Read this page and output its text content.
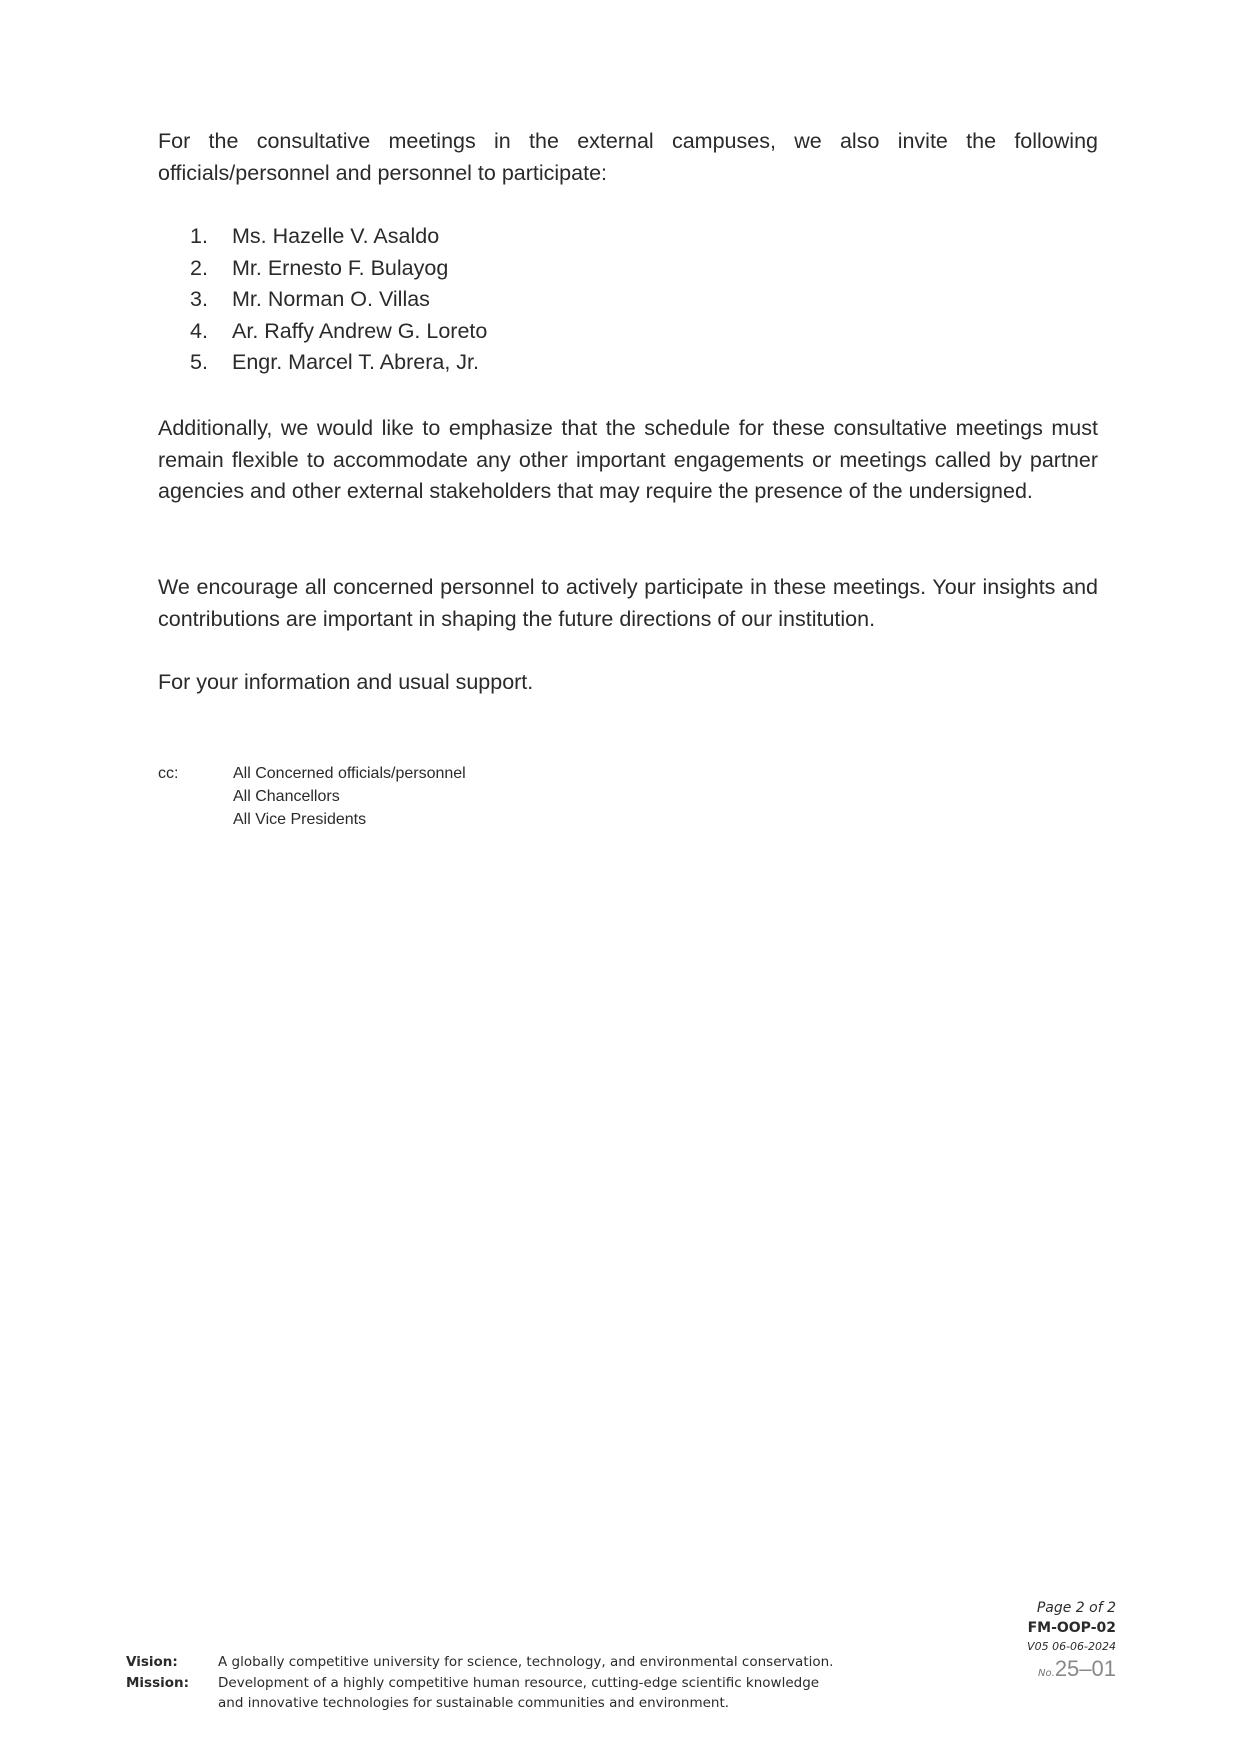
For the consultative meetings in the external campuses, we also invite the following officials/personnel and personnel to participate:
1.	Ms. Hazelle V. Asaldo
2.	Mr. Ernesto F. Bulayog
3.	Mr. Norman O. Villas
4.	Ar. Raffy Andrew G. Loreto
5.	Engr. Marcel T. Abrera, Jr.
Additionally, we would like to emphasize that the schedule for these consultative meetings must remain flexible to accommodate any other important engagements or meetings called by partner agencies and other external stakeholders that may require the presence of the undersigned.
We encourage all concerned personnel to actively participate in these meetings. Your insights and contributions are important in shaping the future directions of our institution.
For your information and usual support.
cc:	All Concerned officials/personnel
All Chancellors
All Vice Presidents
Vision:	A globally competitive university for science, technology, and environmental conservation.
Mission:	Development of a highly competitive human resource, cutting-edge scientific knowledge
and innovative technologies for sustainable communities and environment.
Page 2 of 2
FM-OOP-02
V05 06-06-2024
No.25–01
